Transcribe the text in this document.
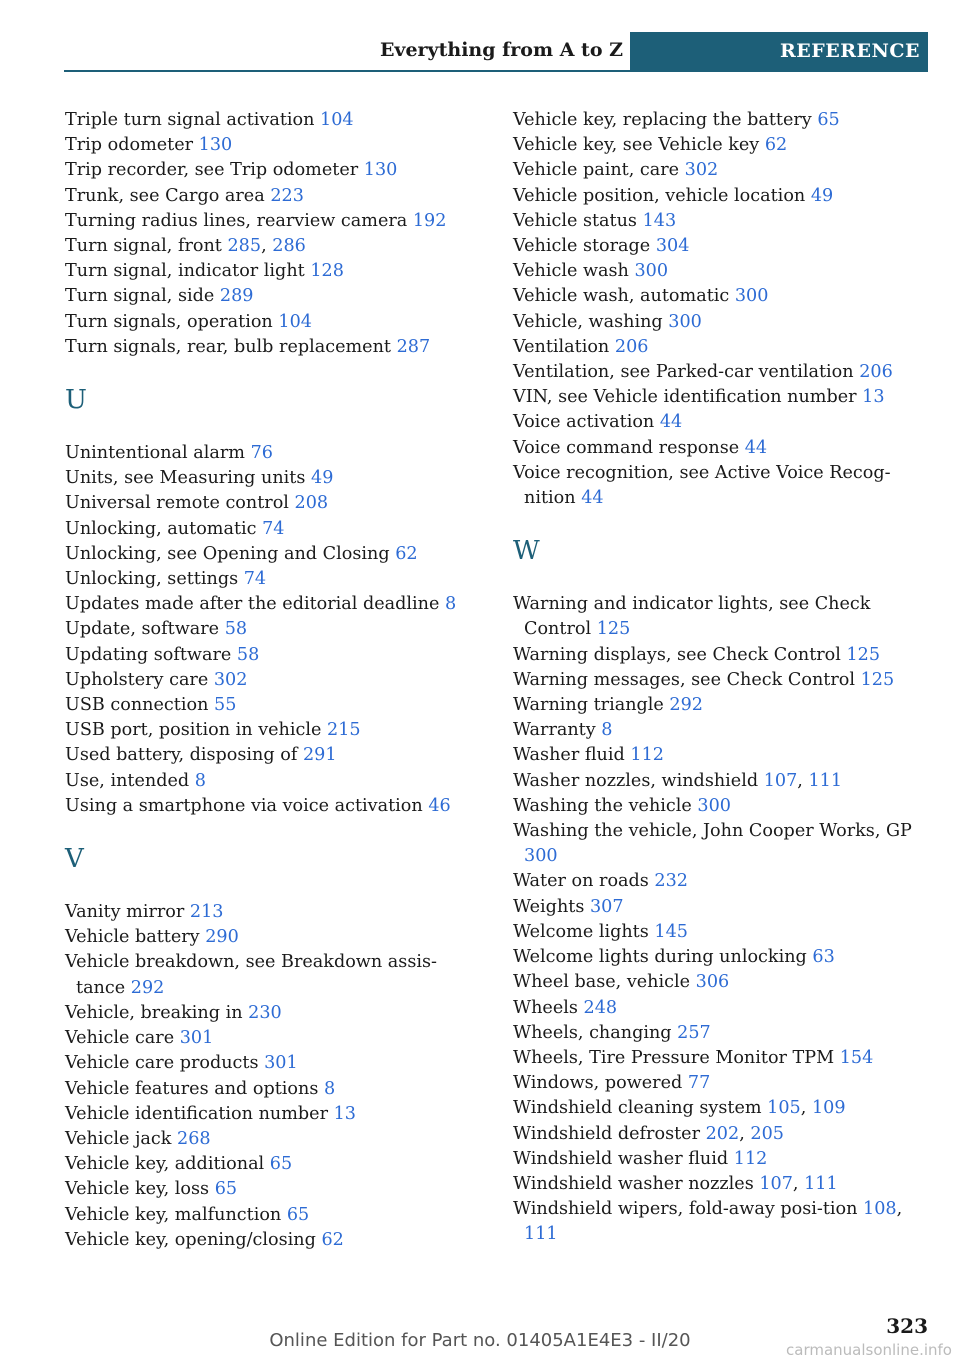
Everything from A to Z	REFERENCE
Triple turn signal activation 104
Trip odometer 130
Trip recorder, see Trip odometer 130
Trunk, see Cargo area 223
Turning radius lines, rearview camera 192
Turn signal, front 285, 286
Turn signal, indicator light 128
Turn signal, side 289
Turn signals, operation 104
Turn signals, rear, bulb replacement 287
U
Unintentional alarm 76
Units, see Measuring units 49
Universal remote control 208
Unlocking, automatic 74
Unlocking, see Opening and Closing 62
Unlocking, settings 74
Updates made after the editorial deadline 8
Update, software 58
Updating software 58
Upholstery care 302
USB connection 55
USB port, position in vehicle 215
Used battery, disposing of 291
Use, intended 8
Using a smartphone via voice activation 46
V
Vanity mirror 213
Vehicle battery 290
Vehicle breakdown, see Breakdown assis-tance 292
Vehicle, breaking in 230
Vehicle care 301
Vehicle care products 301
Vehicle features and options 8
Vehicle identification number 13
Vehicle jack 268
Vehicle key, additional 65
Vehicle key, loss 65
Vehicle key, malfunction 65
Vehicle key, opening/closing 62
Vehicle key, replacing the battery 65
Vehicle key, see Vehicle key 62
Vehicle paint, care 302
Vehicle position, vehicle location 49
Vehicle status 143
Vehicle storage 304
Vehicle wash 300
Vehicle wash, automatic 300
Vehicle, washing 300
Ventilation 206
Ventilation, see Parked-car ventilation 206
VIN, see Vehicle identification number 13
Voice activation 44
Voice command response 44
Voice recognition, see Active Voice Recog-nition 44
W
Warning and indicator lights, see Check Control 125
Warning displays, see Check Control 125
Warning messages, see Check Control 125
Warning triangle 292
Warranty 8
Washer fluid 112
Washer nozzles, windshield 107, 111
Washing the vehicle 300
Washing the vehicle, John Cooper Works, GP 300
Water on roads 232
Weights 307
Welcome lights 145
Welcome lights during unlocking 63
Wheel base, vehicle 306
Wheels 248
Wheels, changing 257
Wheels, Tire Pressure Monitor TPM 154
Windows, powered 77
Windshield cleaning system 105, 109
Windshield defroster 202, 205
Windshield washer fluid 112
Windshield washer nozzles 107, 111
Windshield wipers, fold-away posi-tion 108, 111
323
Online Edition for Part no. 01405A1E4E3 - II/20	carmanualsonline.info
